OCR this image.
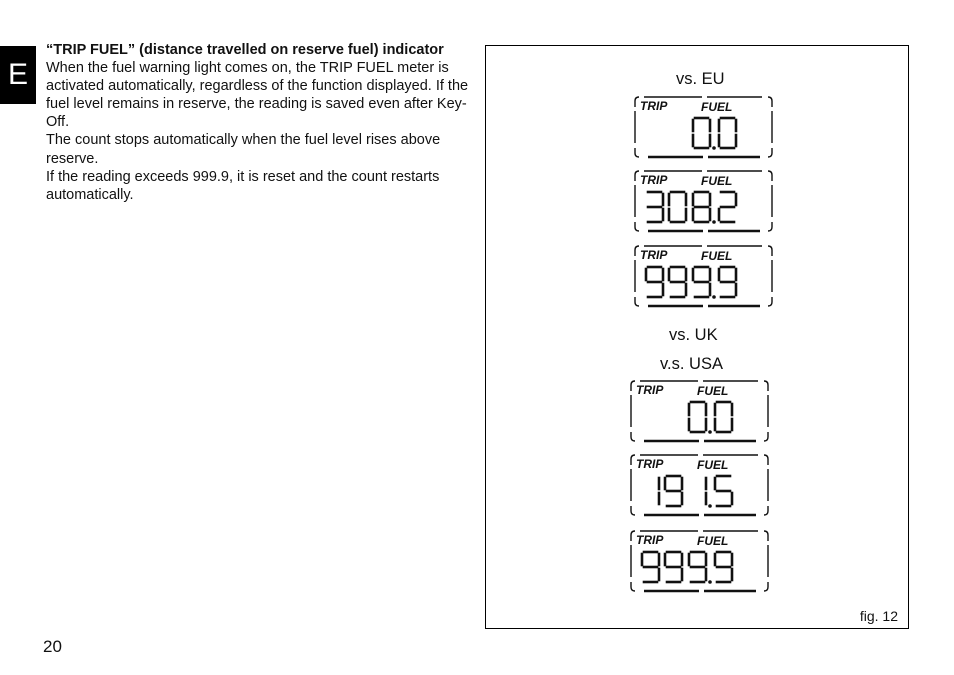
E
“TRIP FUEL” (distance travelled on reserve fuel) indicator

When the fuel warning light comes on, the TRIP FUEL meter is activated automatically, regardless of the function displayed. If the fuel level remains in reserve, the reading is saved even after Key-Off.

The count stops automatically when the fuel level rises above reserve.

If the reading exceeds 999.9, it is reset and the count restarts automatically.

20
vs. EU
vs. UK
v.s. USA
TRIP	FUEL
TRIP	FUEL
TRIP	FUEL
TRIP	FUEL
TRIP	FUEL
TRIP	FUEL
fig. 12
